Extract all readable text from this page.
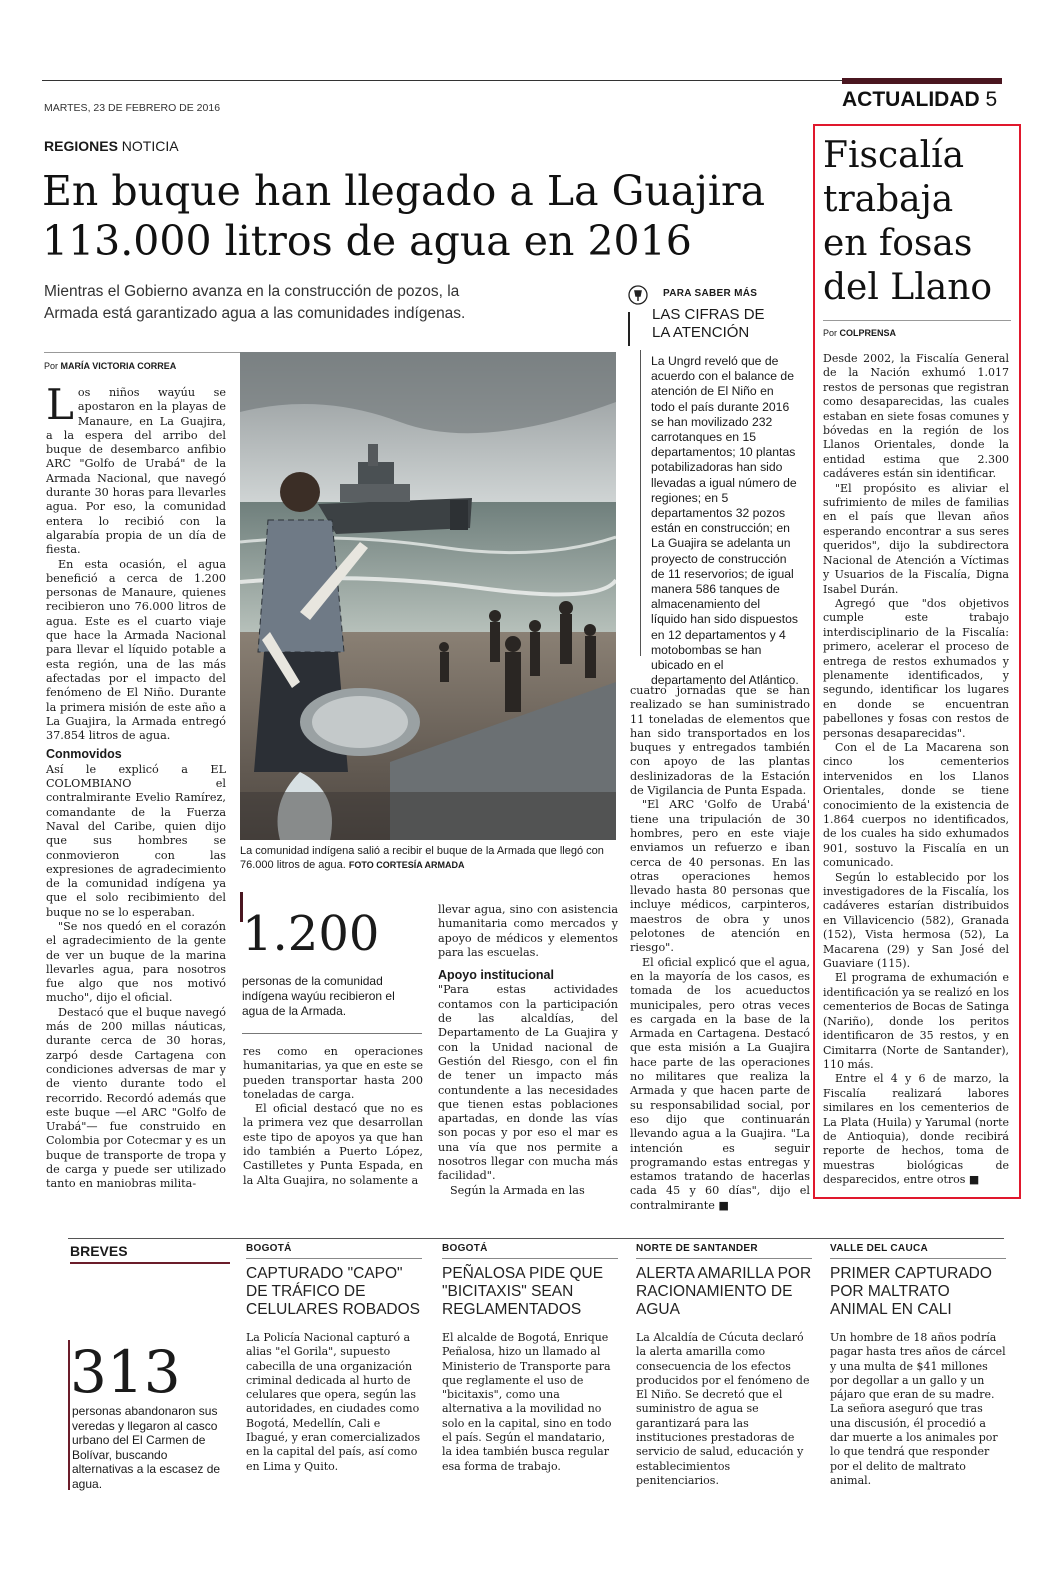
MARTES, 23 DE FEBRERO DE 2016	ACTUALIDAD 5
REGIONES NOTICIA
En buque han llegado a La Guajira
113.000 litros de agua en 2016
Mientras el Gobierno avanza en la construcción de pozos, la
Armada está garantizado agua a las comunidades indígenas.
Por MARÍA VICTORIA CORREA

Los niños wayúu se apostaron en la playas de Manaure, en La Guajira, a la espera del arribo del buque de desembarco anfibio ARC "Golfo de Urabá" de la Armada Nacional, que navegó durante 30 horas para llevarles agua. Por eso, la comunidad entera lo recibió con la algarabía propia de un día de fiesta.

En esta ocasión, el agua benefició a cerca de 1.200 personas de Manaure, quienes recibieron uno 76.000 litros de agua. Este es el cuarto viaje que hace la Armada Nacional para llevar el líquido potable a esta región, una de las más afectadas por el impacto del fenómeno de El Niño. Durante la primera misión de este año a La Guajira, la Armada entregó 37.854 litros de agua.

Conmovidos

Así le explicó a EL COLOMBIANO el contralmirante Evelio Ramírez, comandante de la Fuerza Naval del Caribe, quien dijo que sus hombres se conmovieron con las expresiones de agradecimiento de la comunidad indígena ya que el solo recibimiento del buque no se lo esperaban.

"Se nos quedó en el corazón el agradecimiento de la gente de ver un buque de la marina llevarles agua, para nosotros fue algo que nos motivó mucho", dijo el oficial.

Destacó que el buque navegó más de 200 millas náuticas, durante cerca de 30 horas, zarpó desde Cartagena con condiciones adversas de mar y de viento durante todo el recorrido. Recordó además que este buque —el ARC "Golfo de Urabá"— fue construido en Colombia por Cotecmar y es un buque de transporte de tropa y de carga y puede ser utilizado tanto en maniobras milita-

La comunidad indígena salió a recibir el buque de la Armada que llegó con 76.000 litros de agua. FOTO CORTESÍA ARMADA
1.200
personas de la comunidad indígena wayúu recibieron el agua de la Armada.

res como en operaciones humanitarias, ya que en este se pueden transportar hasta 200 toneladas de carga.

El oficial destacó que no es la primera vez que desarrollan este tipo de apoyos ya que han ido también a Puerto López, Castilletes y Punta Espada, en la Alta Guajira, no solamente a

llevar agua, sino con asistencia humanitaria como mercados y apoyo de médicos y elementos para las escuelas.

Apoyo institucional

"Para estas actividades contamos con la participación de las alcaldías, del Departamento de La Guajira y con la Unidad nacional de Gestión del Riesgo, con el fin de tener un impacto más contundente a las necesidades que tienen estas poblaciones apartadas, en donde las vías son pocas y por eso el mar es una vía que nos permite a nosotros llegar con mucha más facilidad".

Según la Armada en las

PARA SABER MÁS
LAS CIFRAS DE
LA ATENCIÓN
La Ungrd reveló que de acuerdo con el balance de atención de El Niño en todo el país durante 2016 se han movilizado 232 carrotanques en 15 departamentos; 10 plantas potabilizadoras han sido llevadas a igual número de regiones; en 5 departamentos 32 pozos están en construcción; en La Guajira se adelanta un proyecto de construcción de 11 reservorios; de igual manera 586 tanques de almacenamiento del líquido han sido dispuestos en 12 departamentos y 4 motobombas se han ubicado en el departamento del Atlántico.

cuatro jornadas que se han realizado se han suministrado 11 toneladas de elementos que han sido transportados en los buques y entregados también con apoyo de las plantas deslinizadoras de la Estación de Vigilancia de Punta Espada.

"El ARC 'Golfo de Urabá' tiene una tripulación de 30 hombres, pero en este viaje enviamos un refuerzo e iban cerca de 40 personas. En las otras operaciones hemos llevado hasta 80 personas que incluye médicos, carpinteros, maestros de obra y unos pelotones de atención en riesgo".

El oficial explicó que el agua, en la mayoría de los casos, es tomada de los acueductos municipales, pero otras veces es cargada en la base de la Armada en Cartagena. Destacó que esta misión a La Guajira hace parte de las operaciones no militares que realiza la Armada y que hacen parte de su responsabilidad social, por eso dijo que continuarán llevando agua a la Guajira. "La intención es seguir programando estas entregas y estamos tratando de hacerlas cada 45 y 60 días", dijo el contralmirante ■

Fiscalía
trabaja
en fosas
del Llano
Por COLPRENSA

Desde 2002, la Fiscalía General de la Nación exhumó 1.017 restos de personas que registran como desaparecidas, las cuales estaban en siete fosas comunes y bóvedas en la región de los Llanos Orientales, donde la entidad estima que 2.300 cadáveres están sin identificar.

"El propósito es aliviar el sufrimiento de miles de familias en el país que llevan años esperando encontrar a sus seres queridos", dijo la subdirectora Nacional de Atención a Víctimas y Usuarios de la Fiscalía, Digna Isabel Durán.

Agregó que "dos objetivos cumple este trabajo interdisciplinario de la Fiscalía: primero, acelerar el proceso de entrega de restos exhumados y plenamente identificados, y segundo, identificar los lugares en donde se encuentran pabellones y fosas con restos de personas desaparecidas".

Con el de La Macarena son cinco los cementerios intervenidos en los Llanos Orientales, donde se tiene conocimiento de la existencia de 1.864 cuerpos no identificados, de los cuales ha sido exhumados 901, sostuvo la Fiscalía en un comunicado.

Según lo establecido por los investigadores de la Fiscalía, los cadáveres estarían distribuidos en Villavicencio (582), Granada (152), Vista hermosa (52), La Macarena (29) y San José del Guaviare (115).

El programa de exhumación e identificación ya se realizó en los cementerios de Bocas de Satinga (Nariño), donde los peritos identificaron de 35 restos, y en Cimitarra (Norte de Santander), 110 más.

Entre el 4 y 6 de marzo, la Fiscalía realizará labores similares en los cementerios de La Plata (Huila) y Yarumal (norte de Antioquia), donde recibirá reporte de hechos, toma de muestras biológicas de desparecidos, entre otros ■

BREVES
313
personas abandonaron sus veredas y llegaron al casco urbano del El Carmen de Bolívar, buscando alternativas a la escasez de agua.
BOGOTÁ
CAPTURADO "CAPO" DE TRÁFICO DE CELULARES ROBADOS
La Policía Nacional capturó a alias "el Gorila", supuesto cabecilla de una organización criminal dedicada al hurto de celulares que opera, según las autoridades, en ciudades como Bogotá, Medellín, Cali e Ibagué, y eran comercializados en la capital del país, así como en Lima y Quito.
BOGOTÁ
PEÑALOSA PIDE QUE "BICITAXIS" SEAN REGLAMENTADOS
El alcalde de Bogotá, Enrique Peñalosa, hizo un llamado al Ministerio de Transporte para que reglamente el uso de "bicitaxis", como una alternativa a la movilidad no solo en la capital, sino en todo el país. Según el mandatario, la idea también busca regular esa forma de trabajo.
NORTE DE SANTANDER
ALERTA AMARILLA POR RACIONAMIENTO DE AGUA
La Alcaldía de Cúcuta declaró la alerta amarilla como consecuencia de los efectos producidos por el fenómeno de El Niño. Se decretó que el suministro de agua se garantizará para las instituciones prestadoras de servicio de salud, educación y establecimientos penitenciarios.
VALLE DEL CAUCA
PRIMER CAPTURADO POR MALTRATO ANIMAL EN CALI
Un hombre de 18 años podría pagar hasta tres años de cárcel y una multa de $41 millones por degollar a un gallo y un pájaro que eran de su madre. La señora aseguró que tras una discusión, él procedió a dar muerte a los animales por lo que tendrá que responder por el delito de maltrato animal.
